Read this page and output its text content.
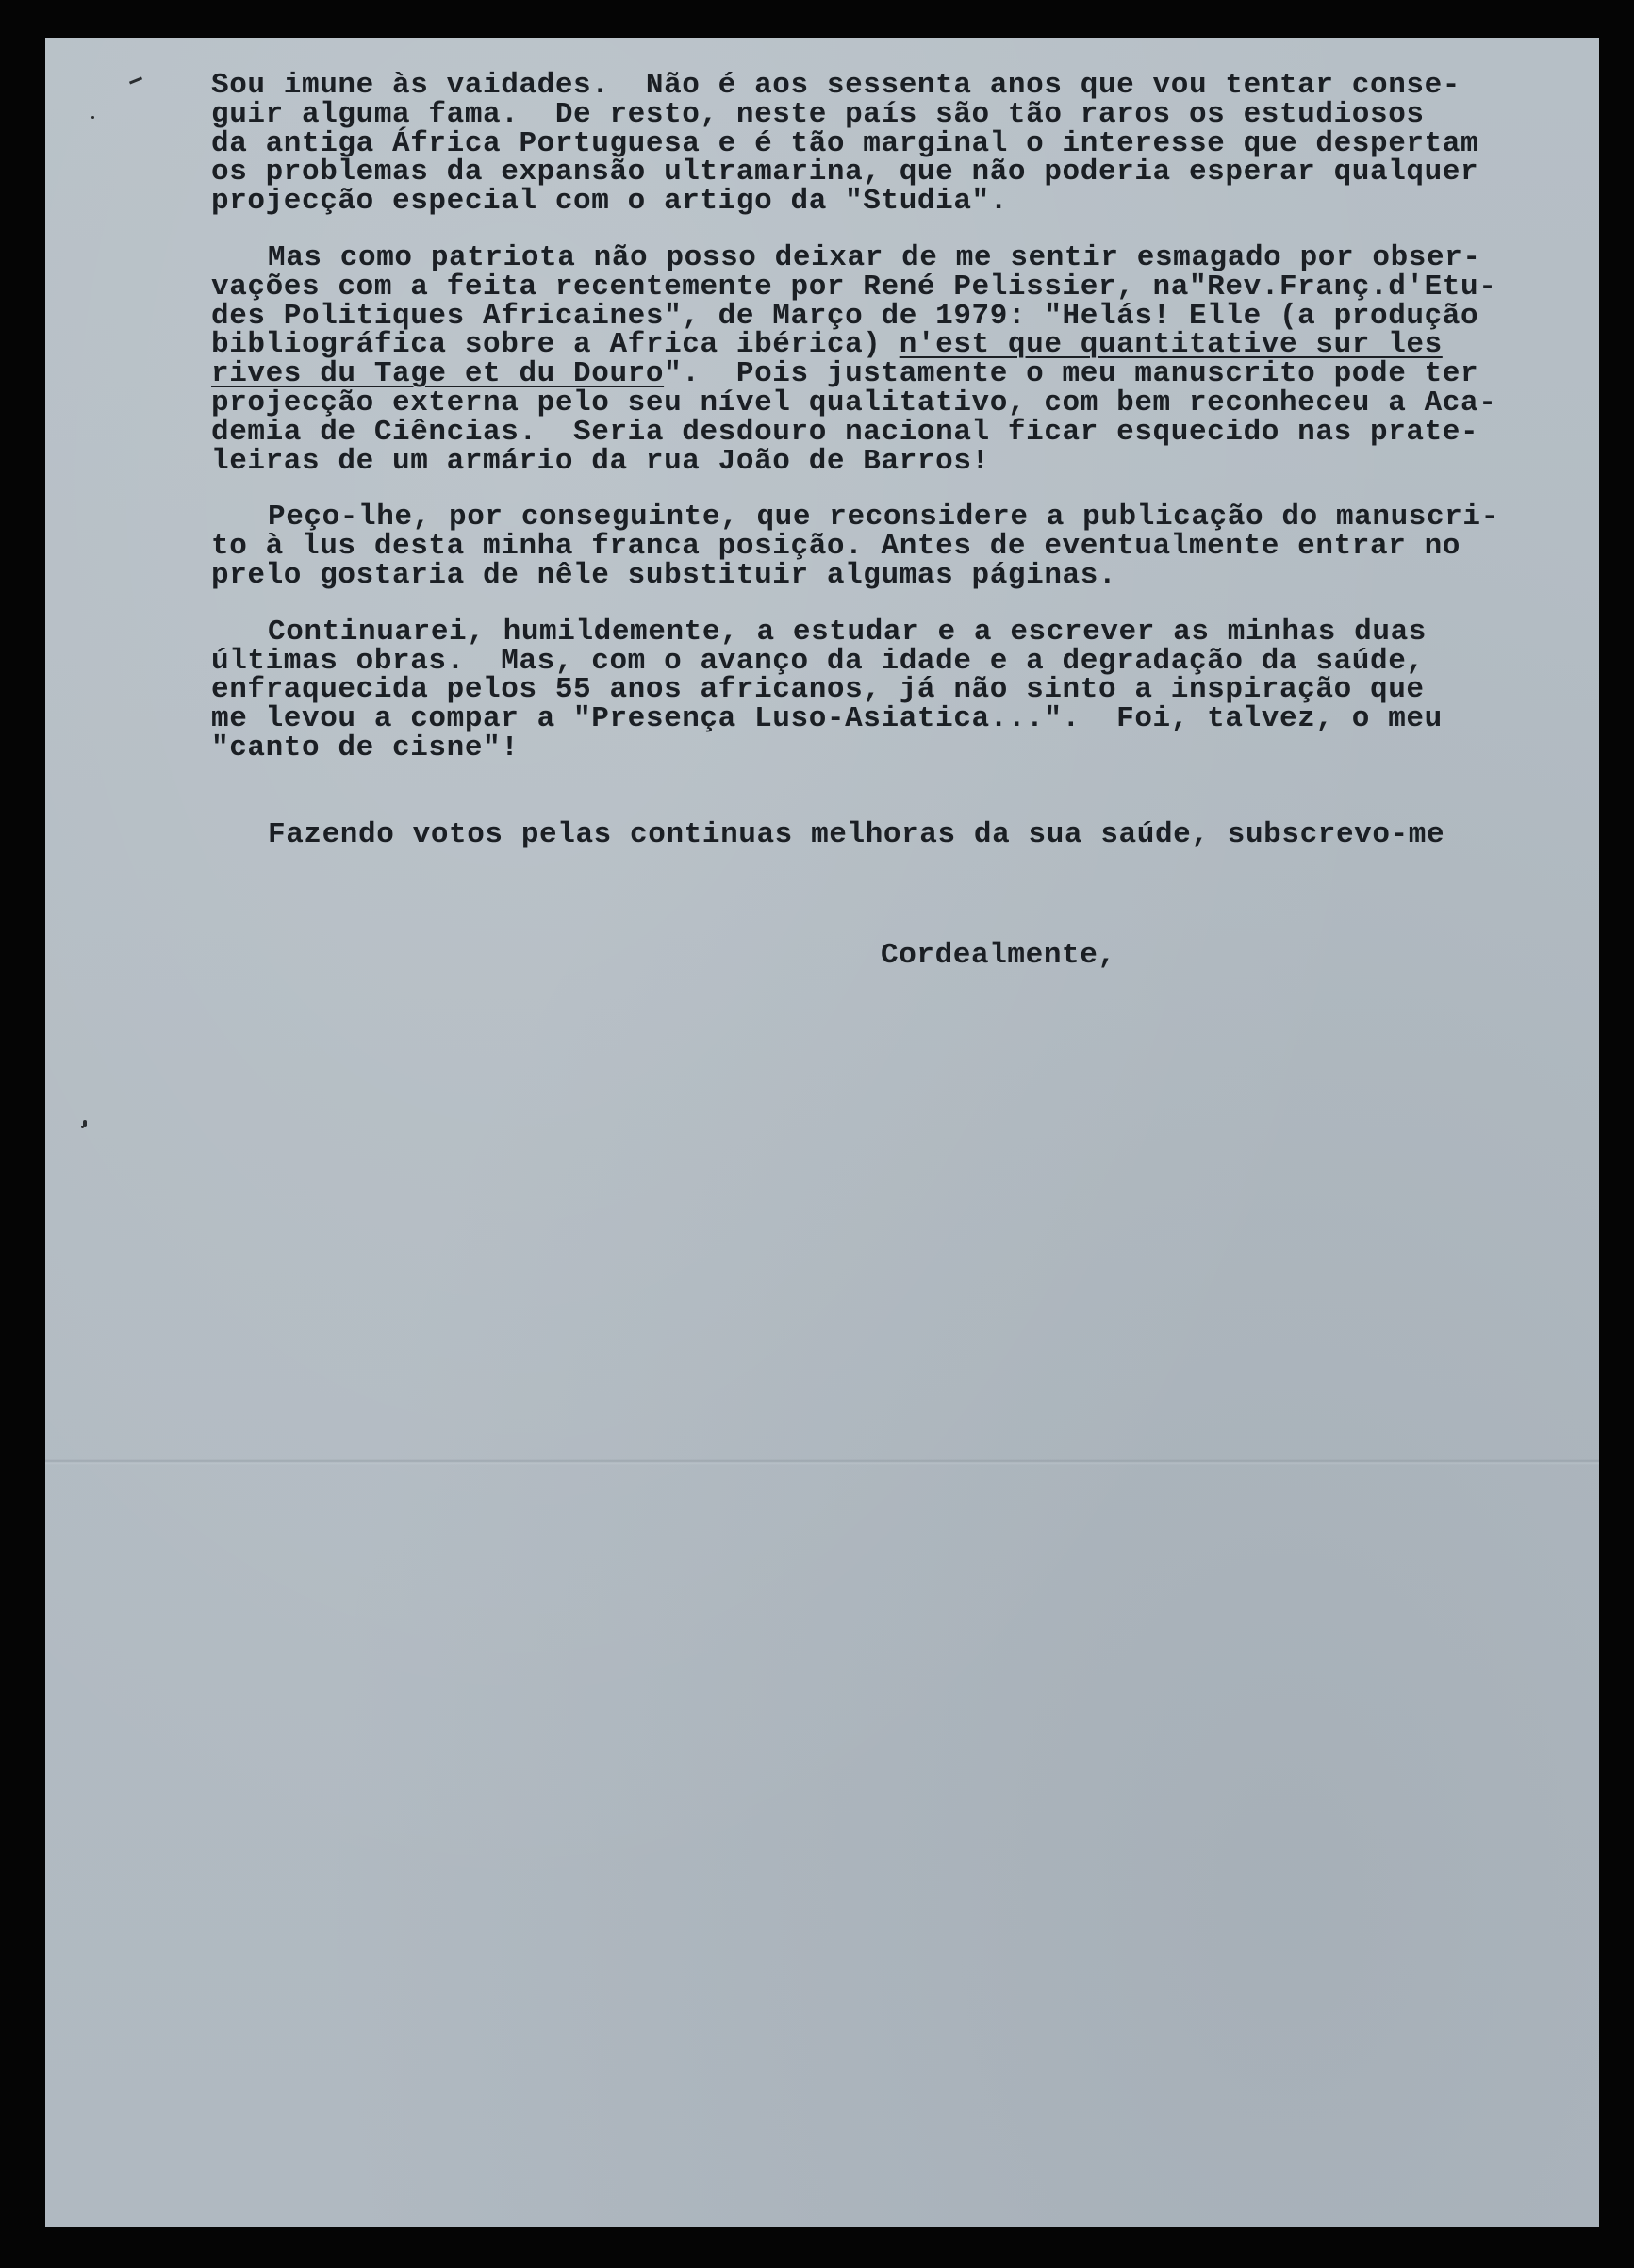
Sou imune às vaidades.  Não é aos sessenta anos que vou tentar conse-
guir alguma fama.  De resto, neste país são tão raros os estudiosos
da antiga África Portuguesa e é tão marginal o interesse que despertam
os problemas da expansão ultramarina, que não poderia esperar qualquer
projecção especial com o artigo da "Studia".
Mas como patriota não posso deixar de me sentir esmagado por obser-
vações com a feita recentemente por René Pelissier, na"Rev.Franç.d'Etu-
des Politiques Africaines", de Março de 1979: "Helás! Elle (a produção
bibliográfica sobre a Africa ibérica) n'est que quantitative sur les
rives du Tage et du Douro".  Pois justamente o meu manuscrito pode ter
projecção externa pelo seu nível qualitativo, com bem reconheceu a Aca-
demia de Ciências.  Seria desdouro nacional ficar esquecido nas prate-
leiras de um armário da rua João de Barros!
Peço-lhe, por conseguinte, que reconsidere a publicação do manuscri-
to à lus desta minha franca posição. Antes de eventualmente entrar no
prelo gostaria de nêle substituir algumas páginas.
Continuarei, humildemente, a estudar e a escrever as minhas duas
últimas obras.  Mas, com o avanço da idade e a degradação da saúde,
enfraquecida pelos 55 anos africanos, já não sinto a inspiração que
me levou a compar a "Presença Luso-Asiatica...".  Foi, talvez, o meu
"canto de cisne"!
Fazendo votos pelas continuas melhoras da sua saúde, subscrevo-me
Cordealmente,
